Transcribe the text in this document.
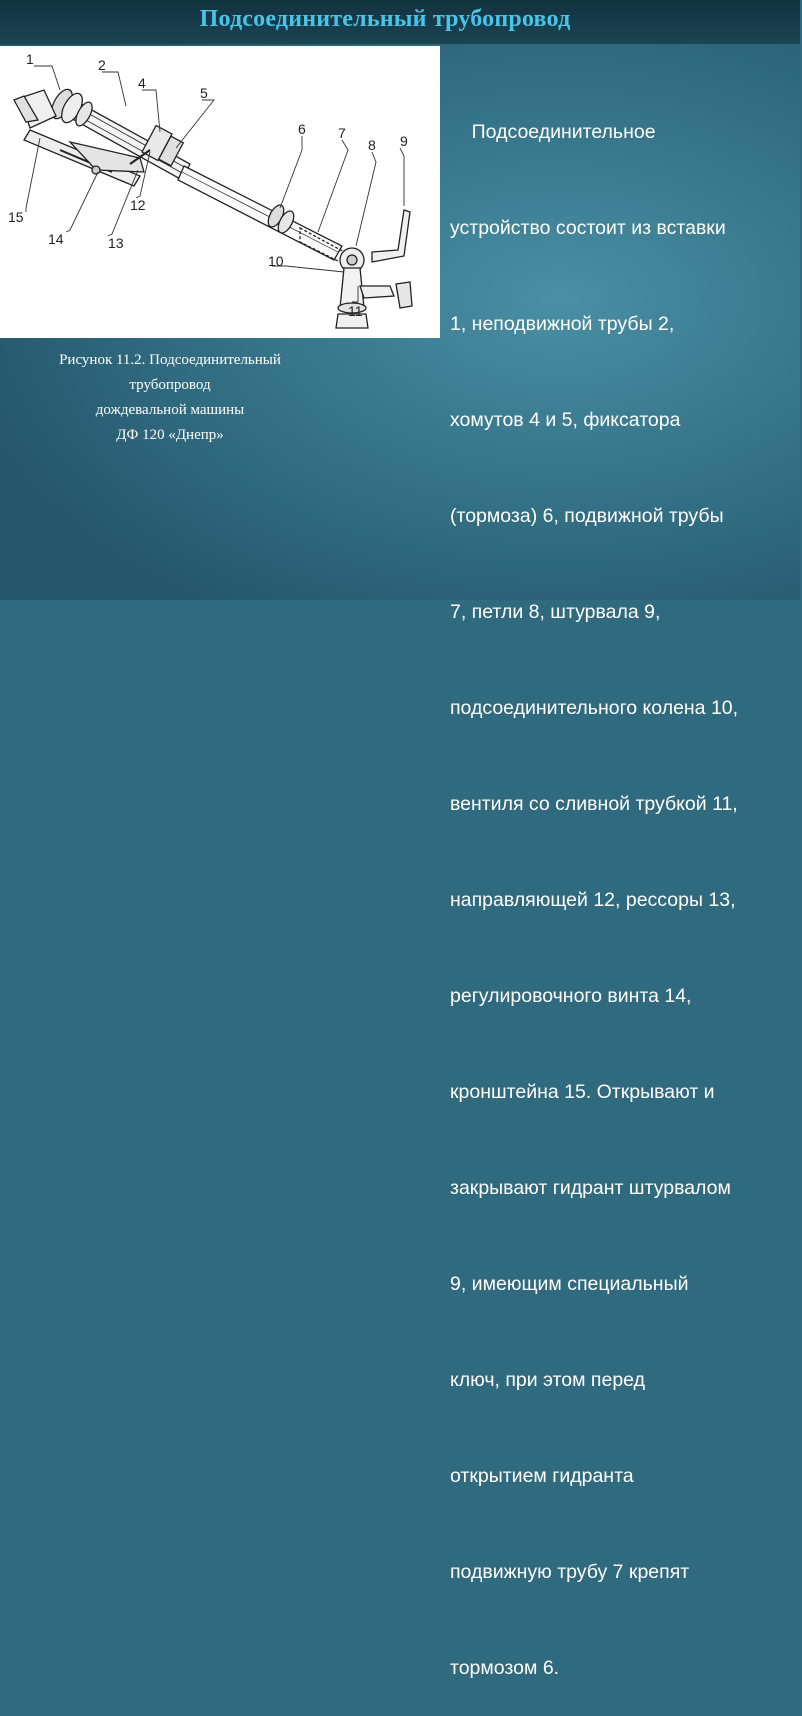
Подсоединительный трубопровод
1	2
4
5
6 7
8 9
15
12
14	13
10
11
Рисунок 11.2. Подсоединительный
трубопровод
дождевальной машины
ДФ 120 «Днепр»

Подсоединительное

устройство состоит из вставки

1, неподвижной трубы 2,

хомутов 4 и 5, фиксатора

(тормоза) 6, подвижной трубы

7, петли 8, штурвала 9,

подсоединительного колена 10,

вентиля со сливной трубкой 11,

направляющей 12, рессоры 13,

регулировочного винта 14,

кронштейна 15. Открывают и

закрывают гидрант штурвалом

9, имеющим специальный

ключ, при этом перед

открытием гидранта

подвижную трубу 7 крепят

тормозом 6.
